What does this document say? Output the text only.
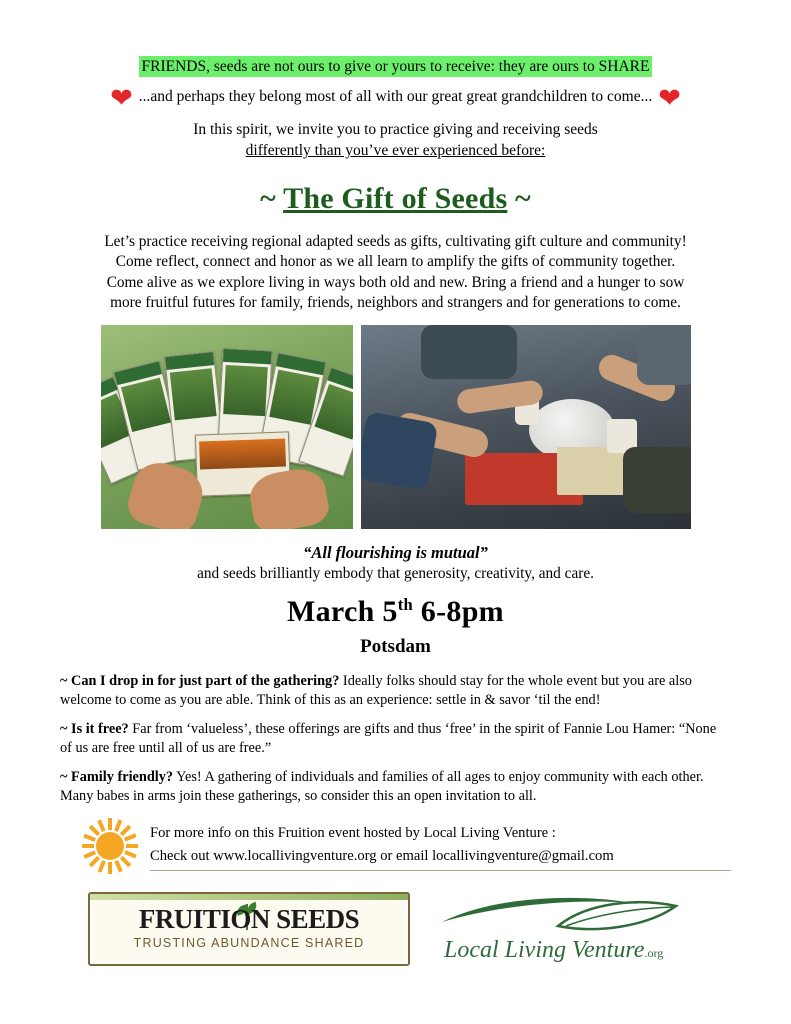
FRIENDS, seeds are not ours to give or yours to receive: they are ours to SHARE
❤ ...and perhaps they belong most of all with our great great grandchildren to come... ❤
In this spirit, we invite you to practice giving and receiving seeds
differently than you’ve ever experienced before:
~ The Gift of Seeds ~
Let’s practice receiving regional adapted seeds as gifts, cultivating gift culture and community!
Come reflect, connect and honor as we all learn to amplify the gifts of community together.
Come alive as we explore living in ways both old and new. Bring a friend and a hunger to sow
more fruitful futures for family, friends, neighbors and strangers and for generations to come.
“All flourishing is mutual”
and seeds brilliantly embody that generosity, creativity, and care.
March 5th 6-8pm
Potsdam

~ Can I drop in for just part of the gathering? Ideally folks should stay for the whole event but you are also welcome to come as you are able. Think of this as an experience: settle in & savor ‘til the end!

~ Is it free? Far from ‘valueless’, these offerings are gifts and thus ‘free’ in the spirit of Fannie Lou Hamer: “None of us are free until all of us are free.”

~ Family friendly? Yes! A gathering of individuals and families of all ages to enjoy community with each other. Many babes in arms join these gatherings, so consider this an open invitation to all.

For more info on this Fruition event hosted by Local Living Venture :
Check out www.locallivingventure.org or email locallivingventure@gmail.com
FRUITION SEEDS
TRUSTING ABUNDANCE SHARED	Local Living Venture.org
